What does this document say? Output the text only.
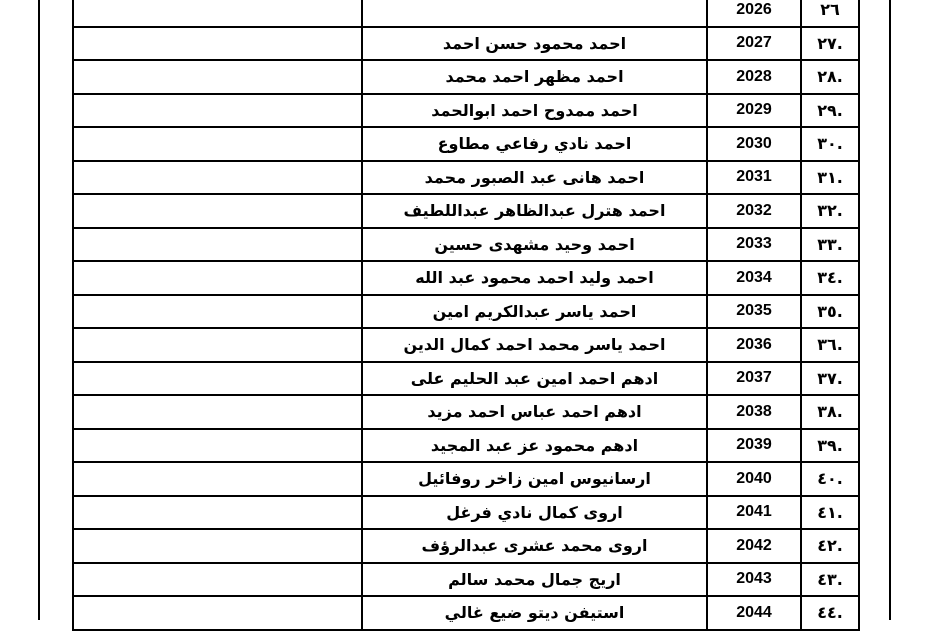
		2026	٢٦
	احمد محمود حسن احمد	2027	.٢٧
	احمد مظهر احمد محمد	2028	.٢٨
	احمد ممدوح احمد ابوالحمد	2029	.٢٩
	احمد نادي رفاعي مطاوع	2030	.٣٠
	احمد هانى عبد الصبور محمد	2031	.٣١
	احمد هترل عبدالظاهر عبداللطيف	2032	.٣٢
	احمد وحيد مشهدى حسين	2033	.٣٣
	احمد وليد احمد محمود عبد الله	2034	.٣٤
	احمد ياسر عبدالكريم امين	2035	.٣٥
	احمد ياسر محمد احمد كمال الدين	2036	.٣٦
	ادهم احمد امين عبد الحليم على	2037	.٣٧
	ادهم احمد عباس احمد مزيد	2038	.٣٨
	ادهم محمود عز عبد المجيد	2039	.٣٩
	ارسانيوس امين زاخر روفائيل	2040	.٤٠
	اروى كمال نادي فرغل	2041	.٤١
	اروى محمد عشرى عبدالرؤف	2042	.٤٢
	اريج جمال محمد سالم	2043	.٤٣
	استيفن ديتو ضيع غالي	2044	.٤٤
